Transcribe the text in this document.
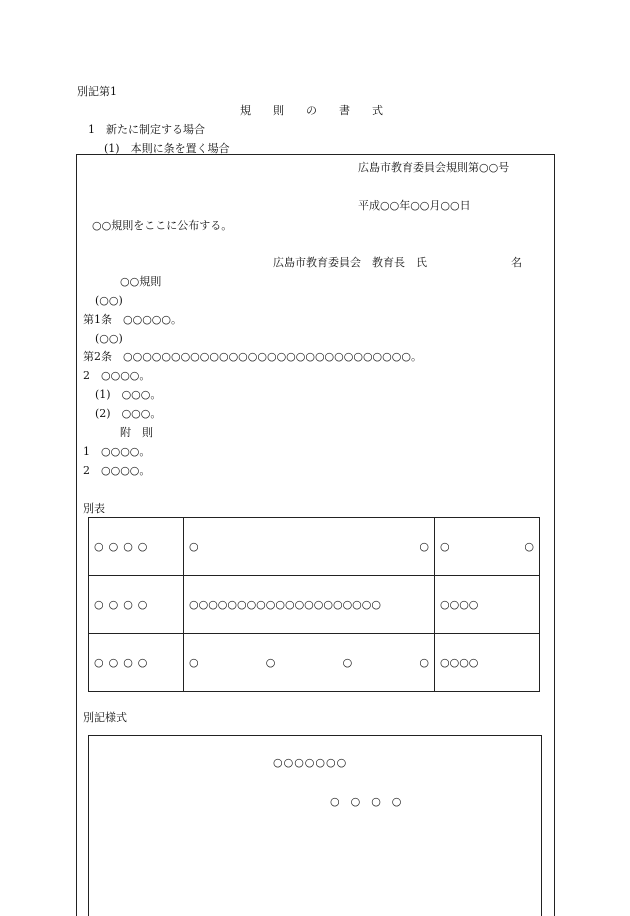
別記第1
規　　則　　の　　書　　式
1　新たに制定する場合
(1)　本則に条を置く場合
広島市教育委員会規則第○○号
平成○○年○○月○○日
○○規則をここに公布する。
広島市教育委員会　教育長　氏	名
○○規則
(○○)
第1条　○○○○○。
(○○)
第2条　○○○○○○○○○○○○○○○○○○○○○○○○○○○○○○。
2　○○○○。
(1)　○○○。
(2)　○○○。
附　則
1　○○○○。
2　○○○○。
別表
○○○○	○ ○	○ ○

○○○○	○○○○○○○○○○○○○○○○○○○○	○○○○
○○○○	○ ○ ○ ○	○○○○
別記様式
○○○○○○○
○　○　○　○
